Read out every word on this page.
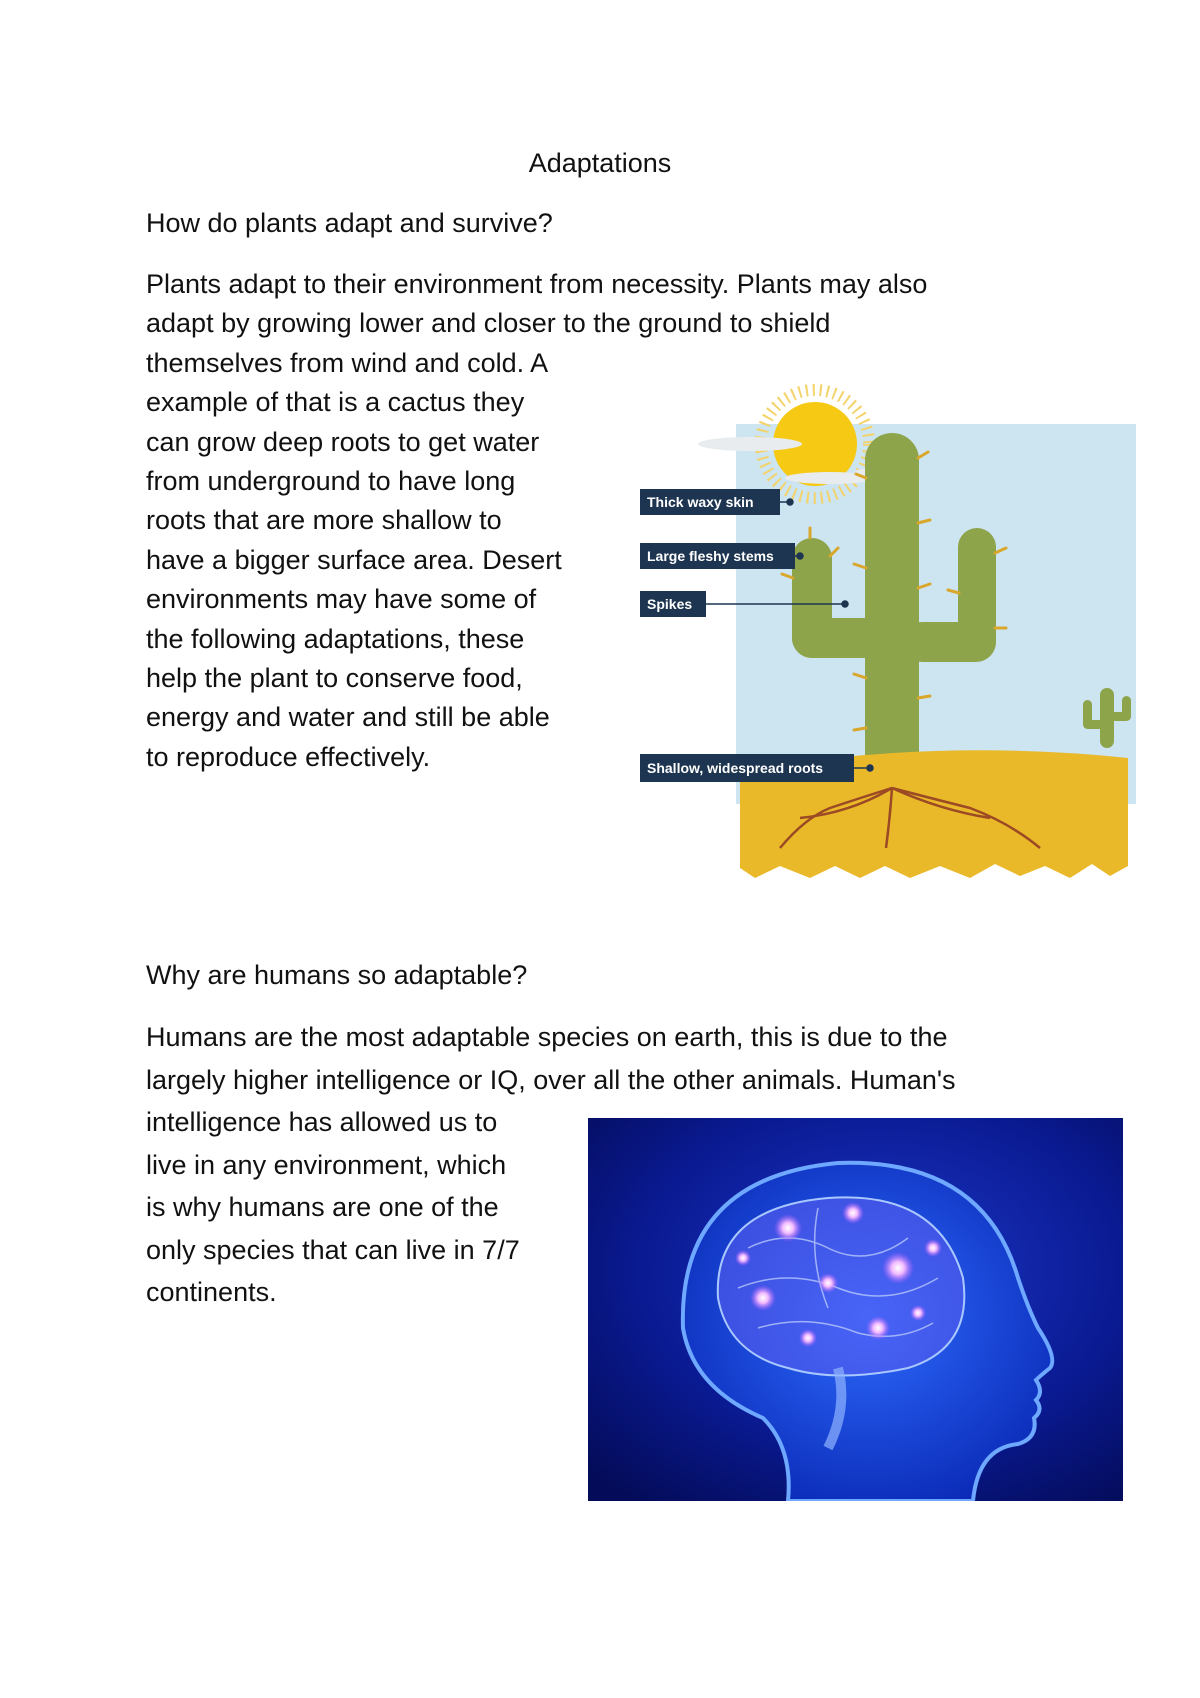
Adaptations
How do plants adapt and survive?
Plants adapt to their environment from necessity. Plants may also
adapt by growing lower and closer to the ground to shield
themselves from wind and cold. A
example of that is a cactus they
can grow deep roots to get water
from underground to have long
roots that are more shallow to
have a bigger surface area. Desert
environments may have some of
the following adaptations, these
help the plant to conserve food,
energy and water and still be able
to reproduce effectively.
Thick waxy skin
Large fleshy stems
Spikes
Shallow, widespread roots
Why are humans so adaptable?
Humans are the most adaptable species on earth, this is due to the
largely higher intelligence or IQ, over all the other animals. Human's
intelligence has allowed us to
live in any environment, which
is why humans are one of the
only species that can live in 7/7
continents.
